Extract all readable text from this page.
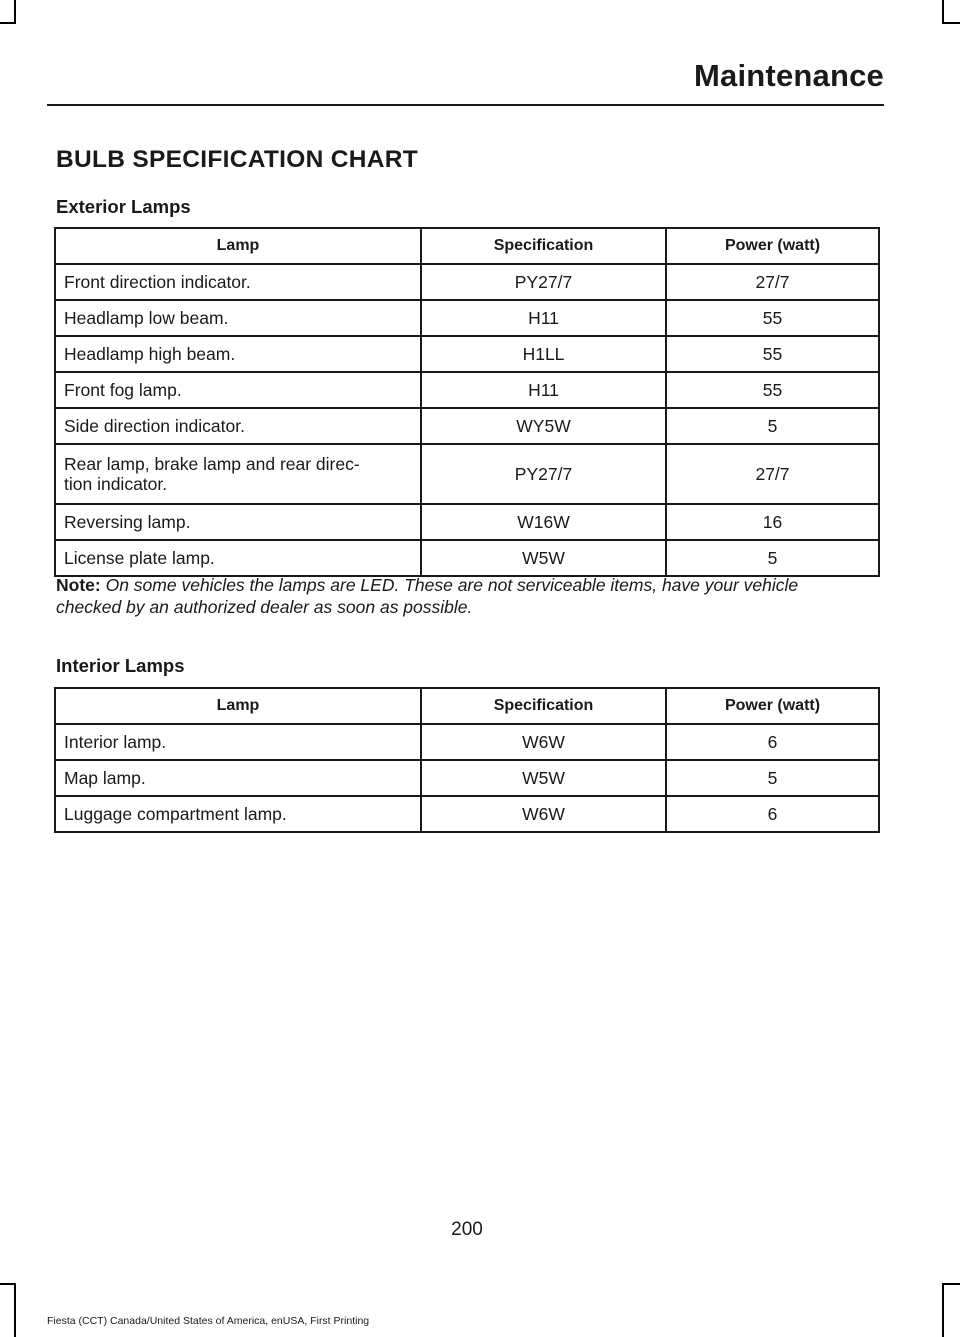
Maintenance
BULB SPECIFICATION CHART
Exterior Lamps
Lamp	Specification	Power (watt)
Front direction indicator.	PY27/7	27/7
Headlamp low beam.	H11	55
Headlamp high beam.	H1LL	55
Front fog lamp.	H11	55
Side direction indicator.	WY5W	5
Rear lamp, brake lamp and rear direc-
tion indicator.	PY27/7	27/7
Reversing lamp.	W16W	16
License plate lamp.	W5W	5
Note: On some vehicles the lamps are LED. These are not serviceable items, have your vehicle checked by an authorized dealer as soon as possible.
Interior Lamps
Lamp	Specification	Power (watt)
Interior lamp.	W6W	6
Map lamp.	W5W	5
Luggage compartment lamp.	W6W	6
200
Fiesta (CCT) Canada/United States of America, enUSA, First Printing
